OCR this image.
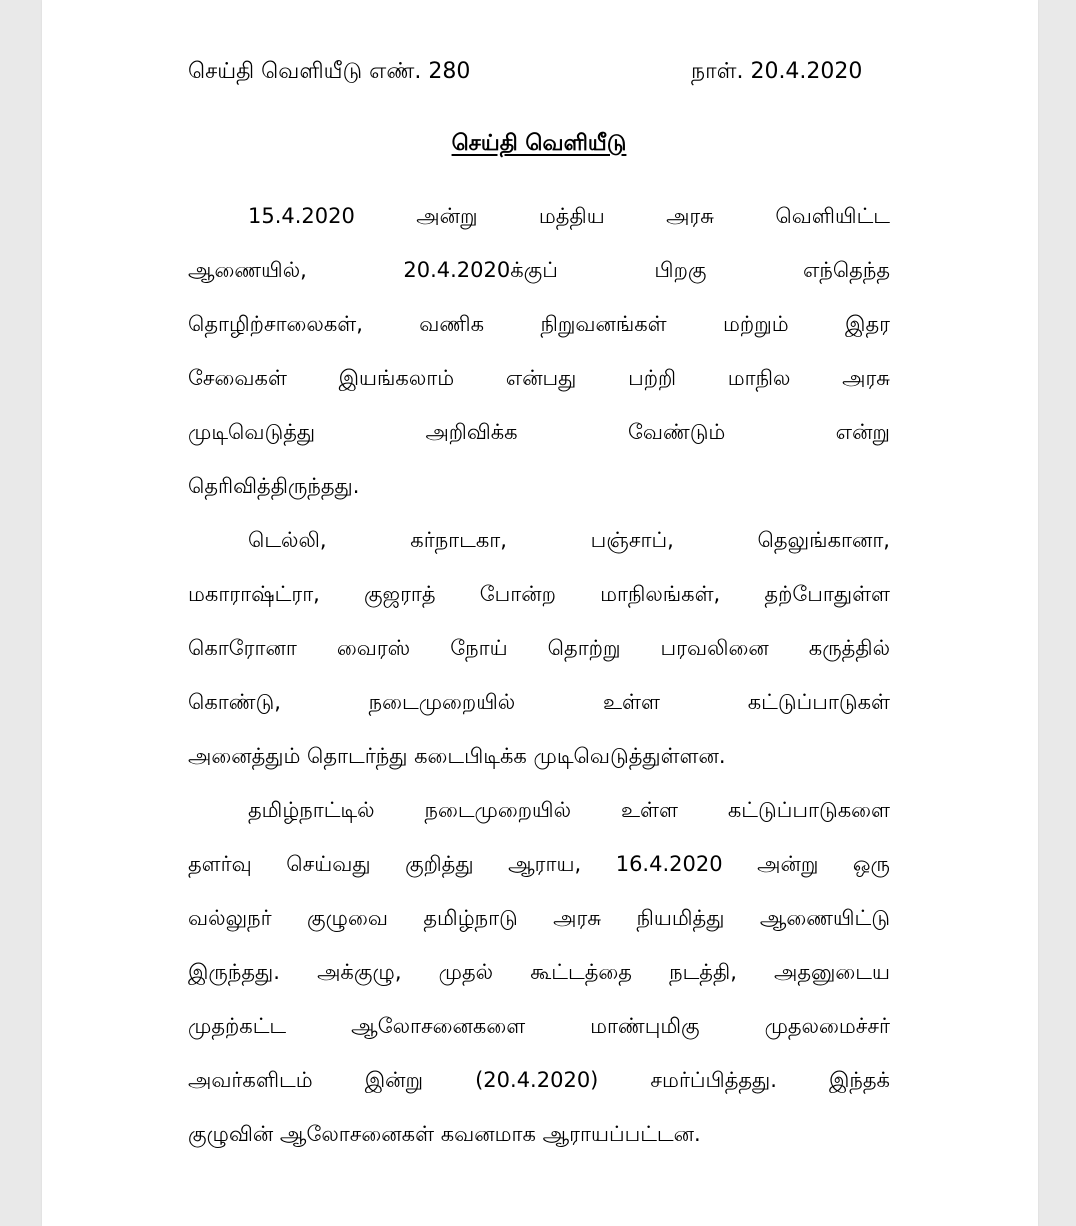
செய்தி வெளியீடு எண். 280	நாள். 20.4.2020
செய்தி வெளியீடு
15.4.2020 அன்று மத்திய அரசு வெளியிட்ட
ஆணையில், 20.4.2020க்குப் பிறகு எந்தெந்த
தொழிற்சாலைகள், வணிக நிறுவனங்கள் மற்றும் இதர
சேவைகள் இயங்கலாம் என்பது பற்றி மாநில அரசு
முடிவெடுத்து அறிவிக்க வேண்டும் என்று
தெரிவித்திருந்தது.
டெல்லி, கர்நாடகா, பஞ்சாப், தெலுங்கானா,
மகாராஷ்ட்ரா, குஜராத் போன்ற மாநிலங்கள், தற்போதுள்ள
கொரோனா வைரஸ் நோய் தொற்று பரவலினை கருத்தில்
கொண்டு, நடைமுறையில் உள்ள கட்டுப்பாடுகள்
அனைத்தும் தொடர்ந்து கடைபிடிக்க முடிவெடுத்துள்ளன.
தமிழ்நாட்டில் நடைமுறையில் உள்ள கட்டுப்பாடுகளை
தளர்வு செய்வது குறித்து ஆராய, 16.4.2020 அன்று ஒரு
வல்லுநர் குழுவை தமிழ்நாடு அரசு நியமித்து ஆணையிட்டு
இருந்தது. அக்குழு, முதல் கூட்டத்தை நடத்தி, அதனுடைய
முதற்கட்ட ஆலோசனைகளை மாண்புமிகு முதலமைச்சர்
அவர்களிடம் இன்று (20.4.2020) சமர்ப்பித்தது. இந்தக்
குழுவின் ஆலோசனைகள் கவனமாக ஆராயப்பட்டன.
